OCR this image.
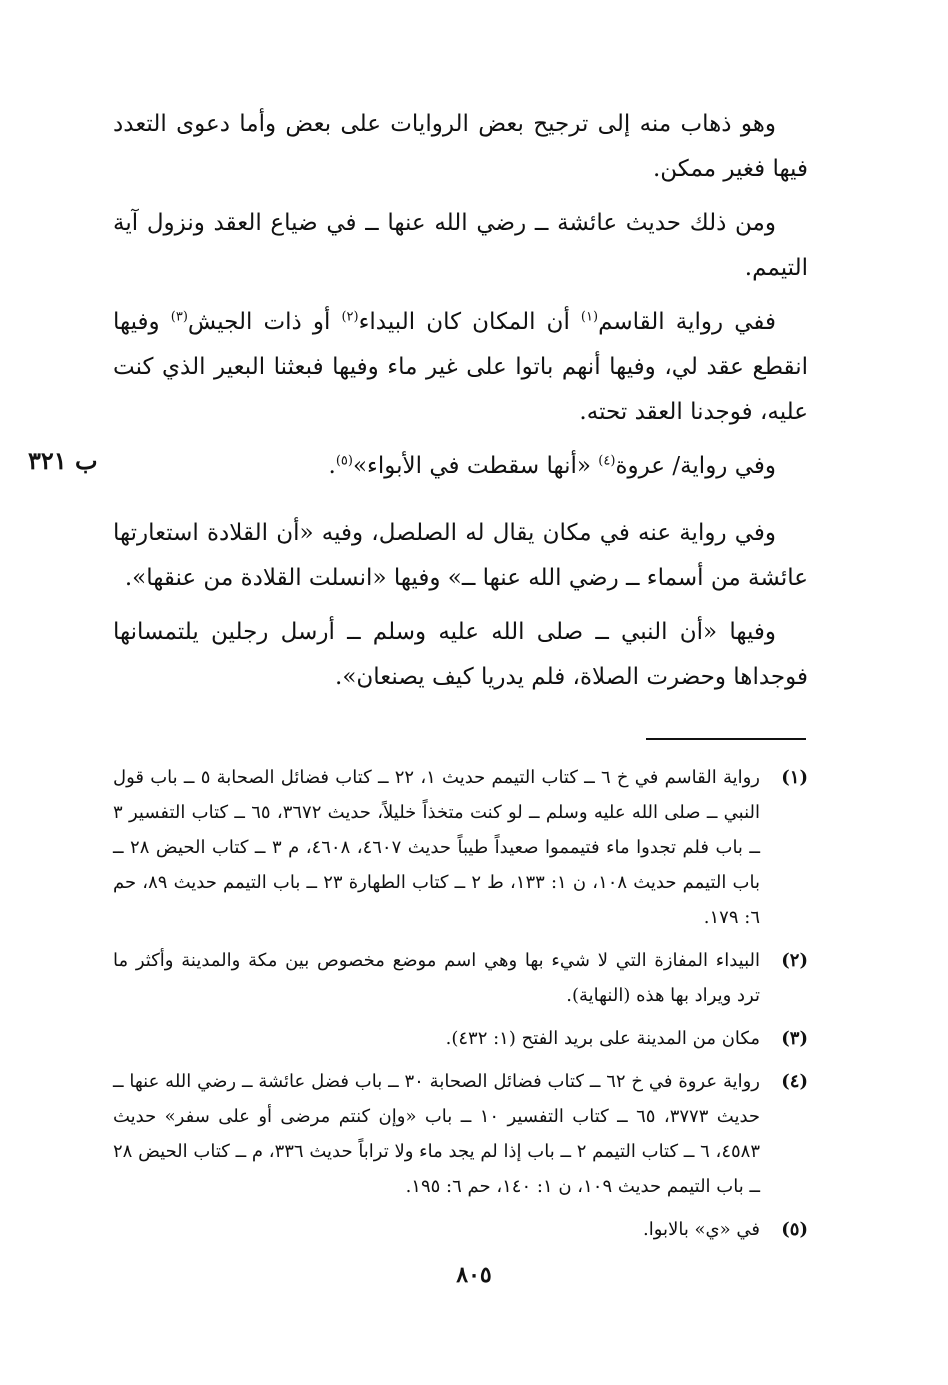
وهو ذهاب منه إلى ترجيح بعض الروايات على بعض وأما دعوى التعدد فيها فغير ممكن.

ومن ذلك حديث عائشة ــ رضي الله عنها ــ في ضياع العقد ونزول آية التيمم.

ففي رواية القاسم$^{(١)}$ أن المكان كان البيداء$^{(٢)}$ أو ذات الجيش$^{(٣)}$ وفيها انقطع عقد لي، وفيها أنهم باتوا على غير ماء وفيها فبعثنا البعير الذي كنت عليه، فوجدنا العقد تحته.

وفي رواية/ عروة$^{(٤)}$ «أنها سقطت في الأبواء»$^{(٥)}$.

وفي رواية عنه في مكان يقال له الصلصل، وفيه «أن القلادة استعارتها عائشة من أسماء ــ رضي الله عنها ــ» وفيها «انسلت القلادة من عنقها».

وفيها «أن النبي ــ صلى الله عليه وسلم ــ أرسل رجلين يلتمسانها فوجداها وحضرت الصلاة، فلم يدريا كيف يصنعان».

ب ٣٢١
(١)
رواية القاسم في خ ٦ ــ كتاب التيمم حديث ١، ٢٢ ــ كتاب فضائل الصحابة ٥ ــ باب قول النبي ــ صلى الله عليه وسلم ــ لو كنت متخذاً خليلاً، حديث ٣٦٧٢، ٦٥ ــ كتاب التفسير ٣ ــ باب فلم تجدوا ماء فتيمموا صعيداً طيباً حديث ٤٦٠٧، ٤٦٠٨، م ٣ ــ كتاب الحيض ٢٨ ــ باب التيمم حديث ١٠٨، ن ١: ١٣٣، ط ٢ ــ كتاب الطهارة ٢٣ ــ باب التيمم حديث ٨٩، حم ٦: ١٧٩.
(٢)
البيداء المفازة التي لا شيء بها وهي اسم موضع مخصوص بين مكة والمدينة وأكثر ما ترد ويراد بها هذه (النهاية).
(٣)
مكان من المدينة على بريد الفتح (١: ٤٣٢).
(٤)
رواية عروة في خ ٦٢ ــ كتاب فضائل الصحابة ٣٠ ــ باب فضل عائشة ــ رضي الله عنها ــ حديث ٣٧٧٣، ٦٥ ــ كتاب التفسير ١٠ ــ باب «وإن كنتم مرضى أو على سفر» حديث ٤٥٨٣، ٦ ــ كتاب التيمم ٢ ــ باب إذا لم يجد ماء ولا تراباً حديث ٣٣٦، م ــ كتاب الحيض ٢٨ ــ باب التيمم حديث ١٠٩، ن ١: ١٤٠، حم ٦: ١٩٥.
(٥)
في «ي» بالابوا.
٨٠٥
